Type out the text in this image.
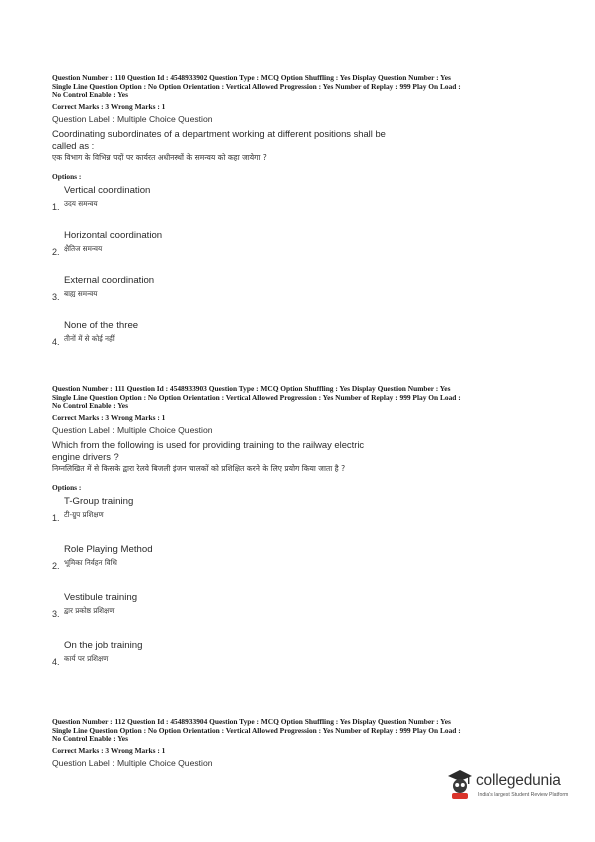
Question Number : 110 Question Id : 4548933902 Question Type : MCQ Option Shuffling : Yes Display Question Number : Yes
Single Line Question Option : No Option Orientation : Vertical Allowed Progression : Yes Number of Replay : 999 Play On Load :
No Control Enable : Yes
Correct Marks : 3 Wrong Marks : 1
Question Label : Multiple Choice Question
Coordinating subordinates of a department working at different positions shall be called as :
एक विभाग के विभिन्न पदों पर कार्यरत अधीनस्थों के समन्वय को कहा जायेगा ?
Options :
Vertical coordination
1. उदय समन्वय
Horizontal coordination
2. क्षैतिज समन्वय
External coordination
3. बाह्य समन्वय
None of the three
4. तीनों में से कोई नहीं
Question Number : 111 Question Id : 4548933903 Question Type : MCQ Option Shuffling : Yes Display Question Number : Yes
Single Line Question Option : No Option Orientation : Vertical Allowed Progression : Yes Number of Replay : 999 Play On Load :
No Control Enable : Yes
Correct Marks : 3 Wrong Marks : 1
Question Label : Multiple Choice Question
Which from the following is used for providing training to the railway electric engine drivers ?
निम्नलिखित में से किसके द्वारा रेलवे बिजली इंजन चालकों को प्रशिक्षित करने के लिए प्रयोग किया जाता है ?
Options :
T-Group training
1. टी-ग्रुप प्रशिक्षण
Role Playing Method
2. भूमिका निर्वहन विधि
Vestibule training
3. द्वार प्रकोष्ठ प्रशिक्षण
On the job training
4. कार्य पर प्रशिक्षण
Question Number : 112 Question Id : 4548933904 Question Type : MCQ Option Shuffling : Yes Display Question Number : Yes
Single Line Question Option : No Option Orientation : Vertical Allowed Progression : Yes Number of Replay : 999 Play On Load :
No Control Enable : Yes
Correct Marks : 3 Wrong Marks : 1
Question Label : Multiple Choice Question
collegedunia
India's largest Student Review Platform
